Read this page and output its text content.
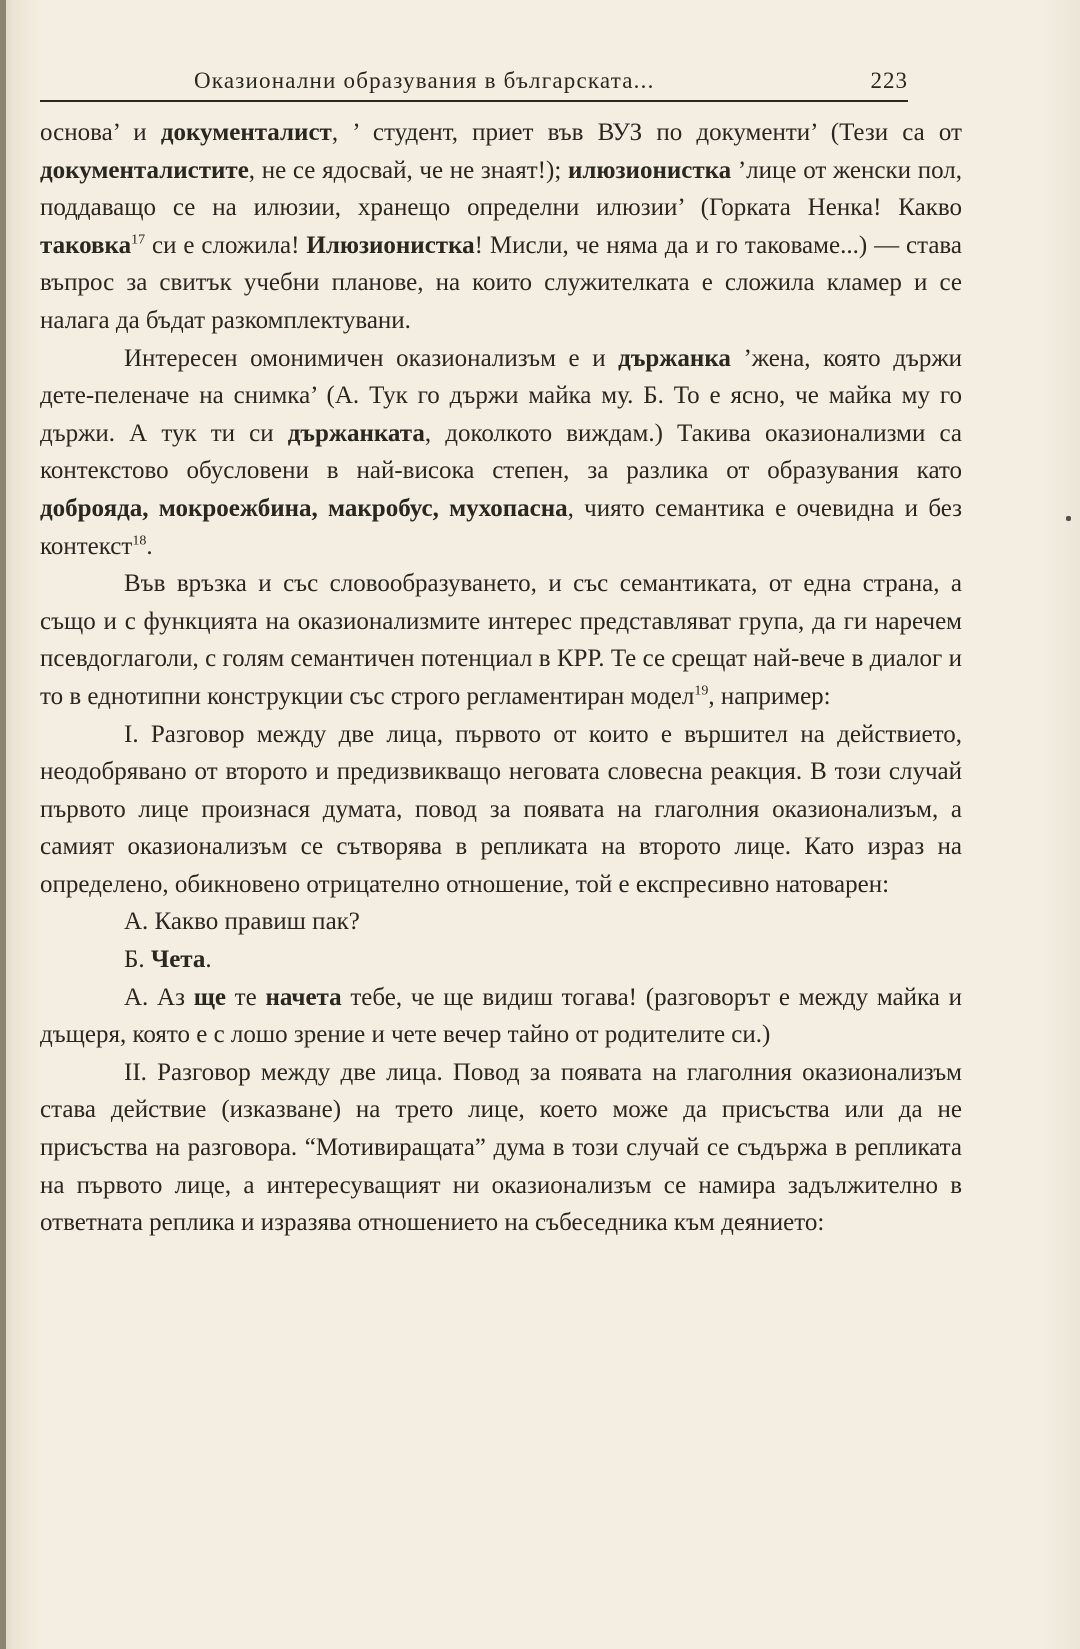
Оказионални образувания в българската...	223

основа’ и документалист, ’ студент, приет във ВУЗ по документи’ (Тези са от документалистите, не се ядосвай, че не знаят!); илюзионистка ’лице от женски пол, поддаващо се на илюзии, хранещо определни илюзии’ (Горката Ненка! Какво таковка$^{17}$ си е сложила! Илюзионистка! Мисли, че няма да и го таковаме...) — става въпрос за свитък учебни планове, на които служителката е сложила кламер и се налага да бъдат разкомплектувани.

Интересен омонимичен оказионализъм е и държанка ’жена, която държи дете-пеленаче на снимка’ (А. Тук го държи майка му. Б. То е ясно, че майка му го държи. А тук ти си държанката, доколкото виждам.) Такива оказионализми са контекстово обусловени в най-висока степен, за разлика от образувания като доброяда, мокроежбина, макробус, мухопасна, чиято семантика е очевидна и без контекст$^{18}$.

Във връзка и със словообразуването, и със семантиката, от една страна, а също и с функцията на оказионализмите интерес представляват група, да ги наречем псевдоглаголи, с голям семантичен потенциал в КРР. Те се срещат най-вече в диалог и то в еднотипни конструкции със строго регламентиран модел$^{19}$, например:

I. Разговор между две лица, първото от които е вършител на действието, неодобрявано от второто и предизвикващо неговата словесна реакция. В този случай първото лице произнася думата, повод за появата на глаголния оказионализъм, а самият оказионализъм се сътворява в репликата на второто лице. Като израз на определено, обикновено отрицателно отношение, той е експресивно натоварен:

А. Какво правиш пак?

Б. Чета.

А. Аз ще те начета тебе, че ще видиш тогава! (разговорът е между майка и дъщеря, която е с лошо зрение и чете вечер тайно от родителите си.)

II. Разговор между две лица. Повод за появата на глаголния оказионализъм става действие (изказване) на трето лице, което може да присъства или да не присъства на разговора. “Мотивиращата” дума в този случай се съдържа в репликата на първото лице, а интересуващият ни оказионализъм се намира задължително в ответната реплика и изразява отношението на събеседника към деянието:
